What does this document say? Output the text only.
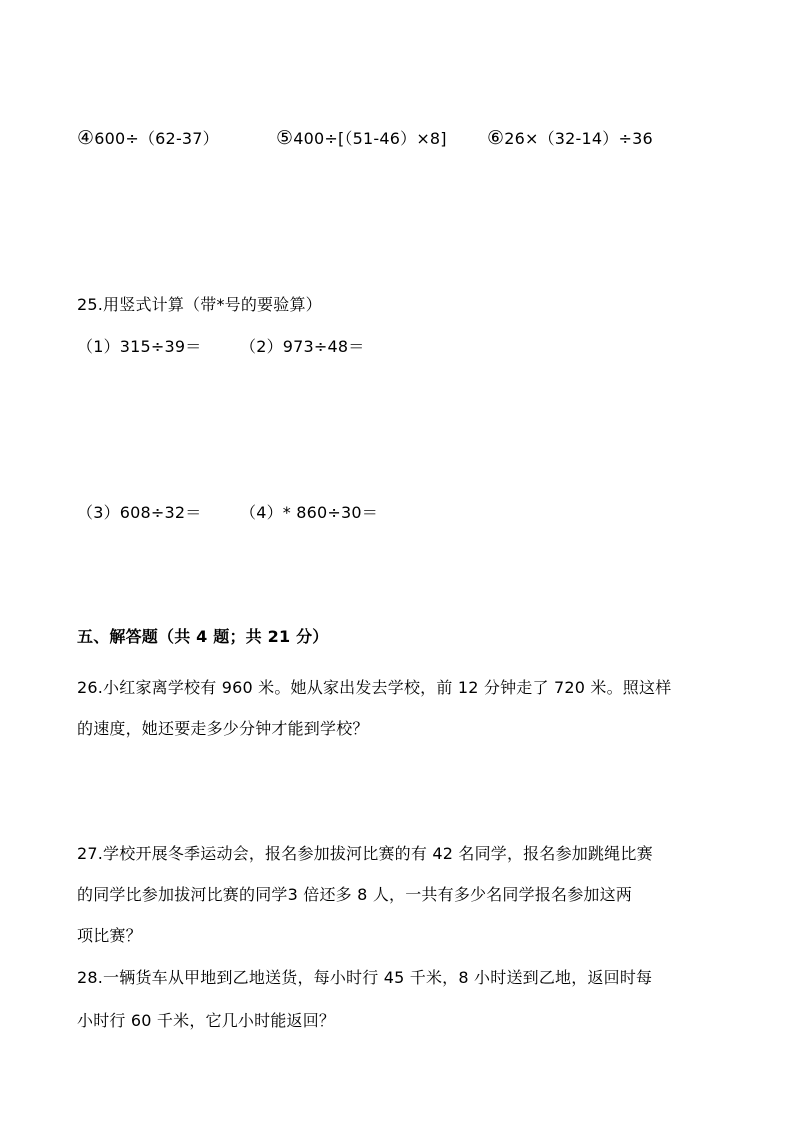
④600÷（62-37）	⑤400÷[（51-46）×8] ⑥26×（32-14）÷36
25.用竖式计算（带*号的要验算）
（1）315÷39＝ （2）973÷48＝
（3）608÷32＝ （4）* 860÷30＝
五、解答题（共 4 题；共 21 分）
26.小红家离学校有 960 米。她从家出发去学校，前 12 分钟走了 720 米。照这样
的速度，她还要走多少分钟才能到学校？
27.学校开展冬季运动会，报名参加拔河比赛的有 42 名同学，报名参加跳绳比赛
的同学比参加拔河比赛的同学3 倍还多 8 人，一共有多少名同学报名参加这两
项比赛？
28.一辆货车从甲地到乙地送货，每小时行 45 千米，8 小时送到乙地，返回时每
小时行 60 千米，它几小时能返回？
